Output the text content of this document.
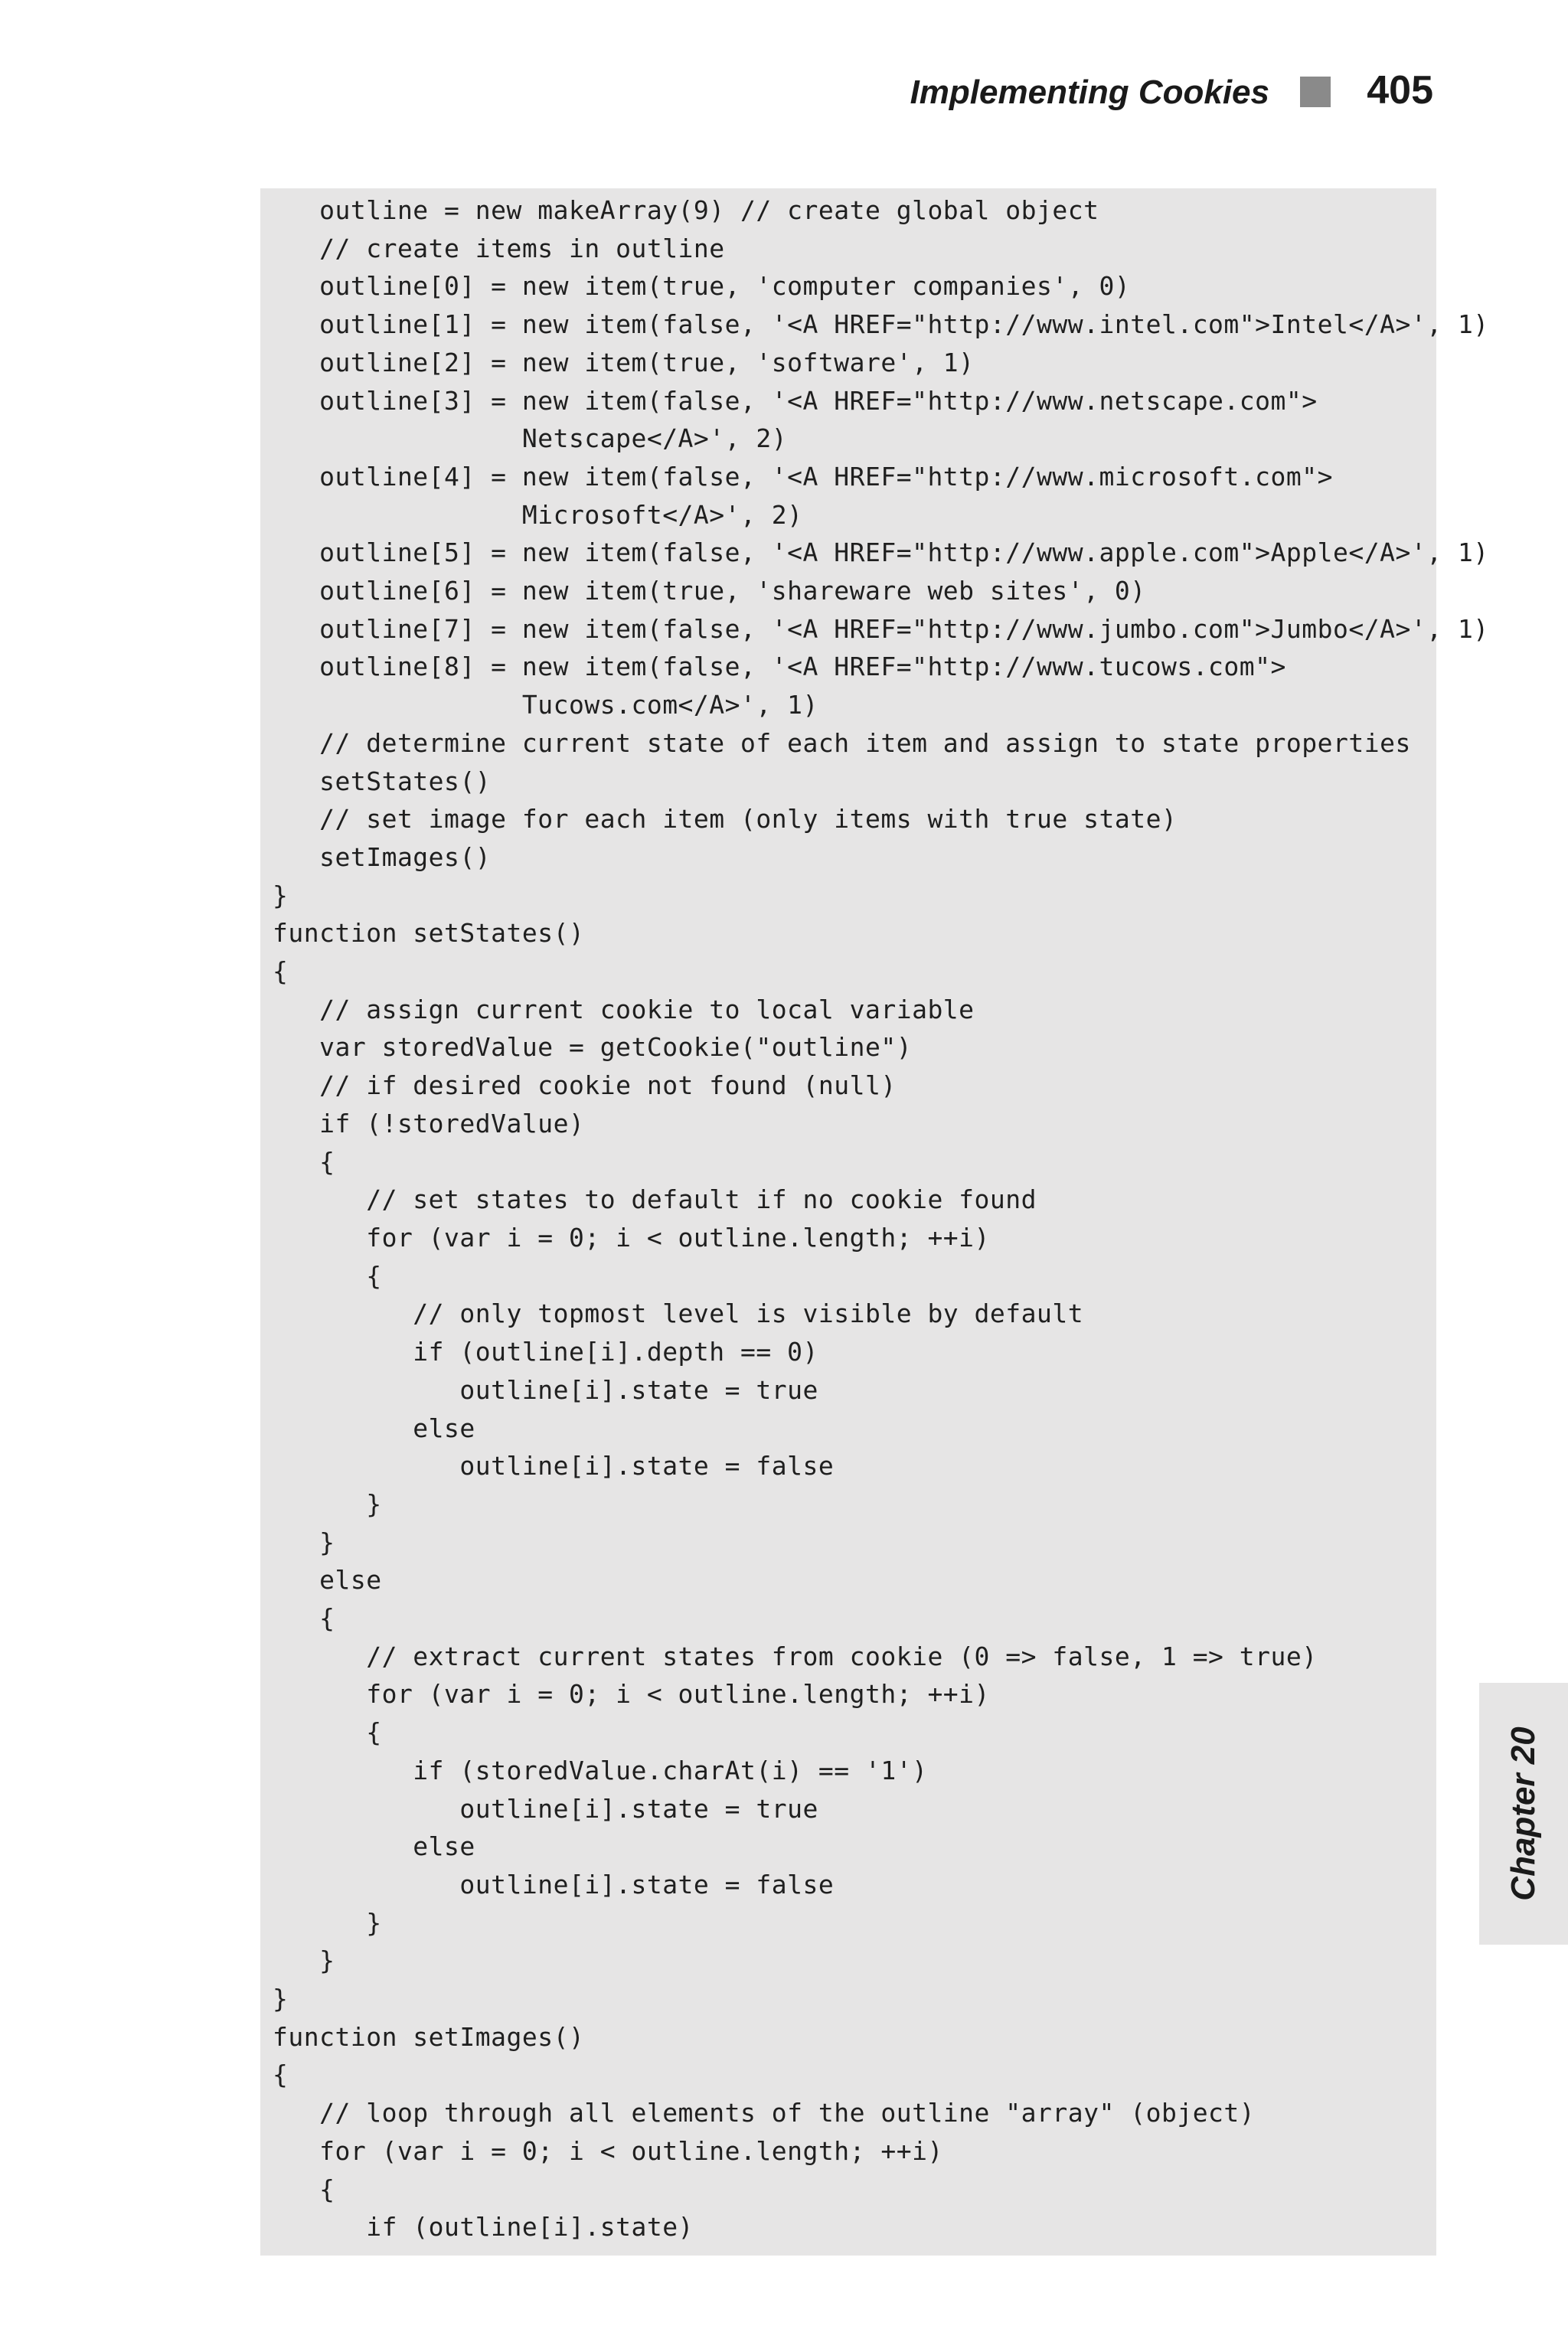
Implementing Cookies 405
outline = new makeArray(9) // create global object
// create items in outline
outline[0] = new item(true, 'computer companies', 0)
outline[1] = new item(false, '<A HREF="http://www.intel.com">Intel</A>', 1)
outline[2] = new item(true, 'software', 1)
outline[3] = new item(false, '<A HREF="http://www.netscape.com">
Netscape</A>', 2)
outline[4] = new item(false, '<A HREF="http://www.microsoft.com">
Microsoft</A>', 2)
outline[5] = new item(false, '<A HREF="http://www.apple.com">Apple</A>', 1)
outline[6] = new item(true, 'shareware web sites', 0)
outline[7] = new item(false, '<A HREF="http://www.jumbo.com">Jumbo</A>', 1)
outline[8] = new item(false, '<A HREF="http://www.tucows.com">
Tucows.com</A>', 1)
// determine current state of each item and assign to state properties
setStates()
// set image for each item (only items with true state)
setImages()
}
function setStates()
{
// assign current cookie to local variable
var storedValue = getCookie("outline")
// if desired cookie not found (null)
if (!storedValue)
{
// set states to default if no cookie found
for (var i = 0; i < outline.length; ++i)
{
// only topmost level is visible by default
if (outline[i].depth == 0)
outline[i].state = true
else
outline[i].state = false
}
}
else
{
// extract current states from cookie (0 => false, 1 => true)
for (var i = 0; i < outline.length; ++i)
{
if (storedValue.charAt(i) == '1')
outline[i].state = true
else
outline[i].state = false
}
}
}
function setImages()
{
// loop through all elements of the outline "array" (object)
for (var i = 0; i < outline.length; ++i)
{
if (outline[i].state)
Chapter 20
